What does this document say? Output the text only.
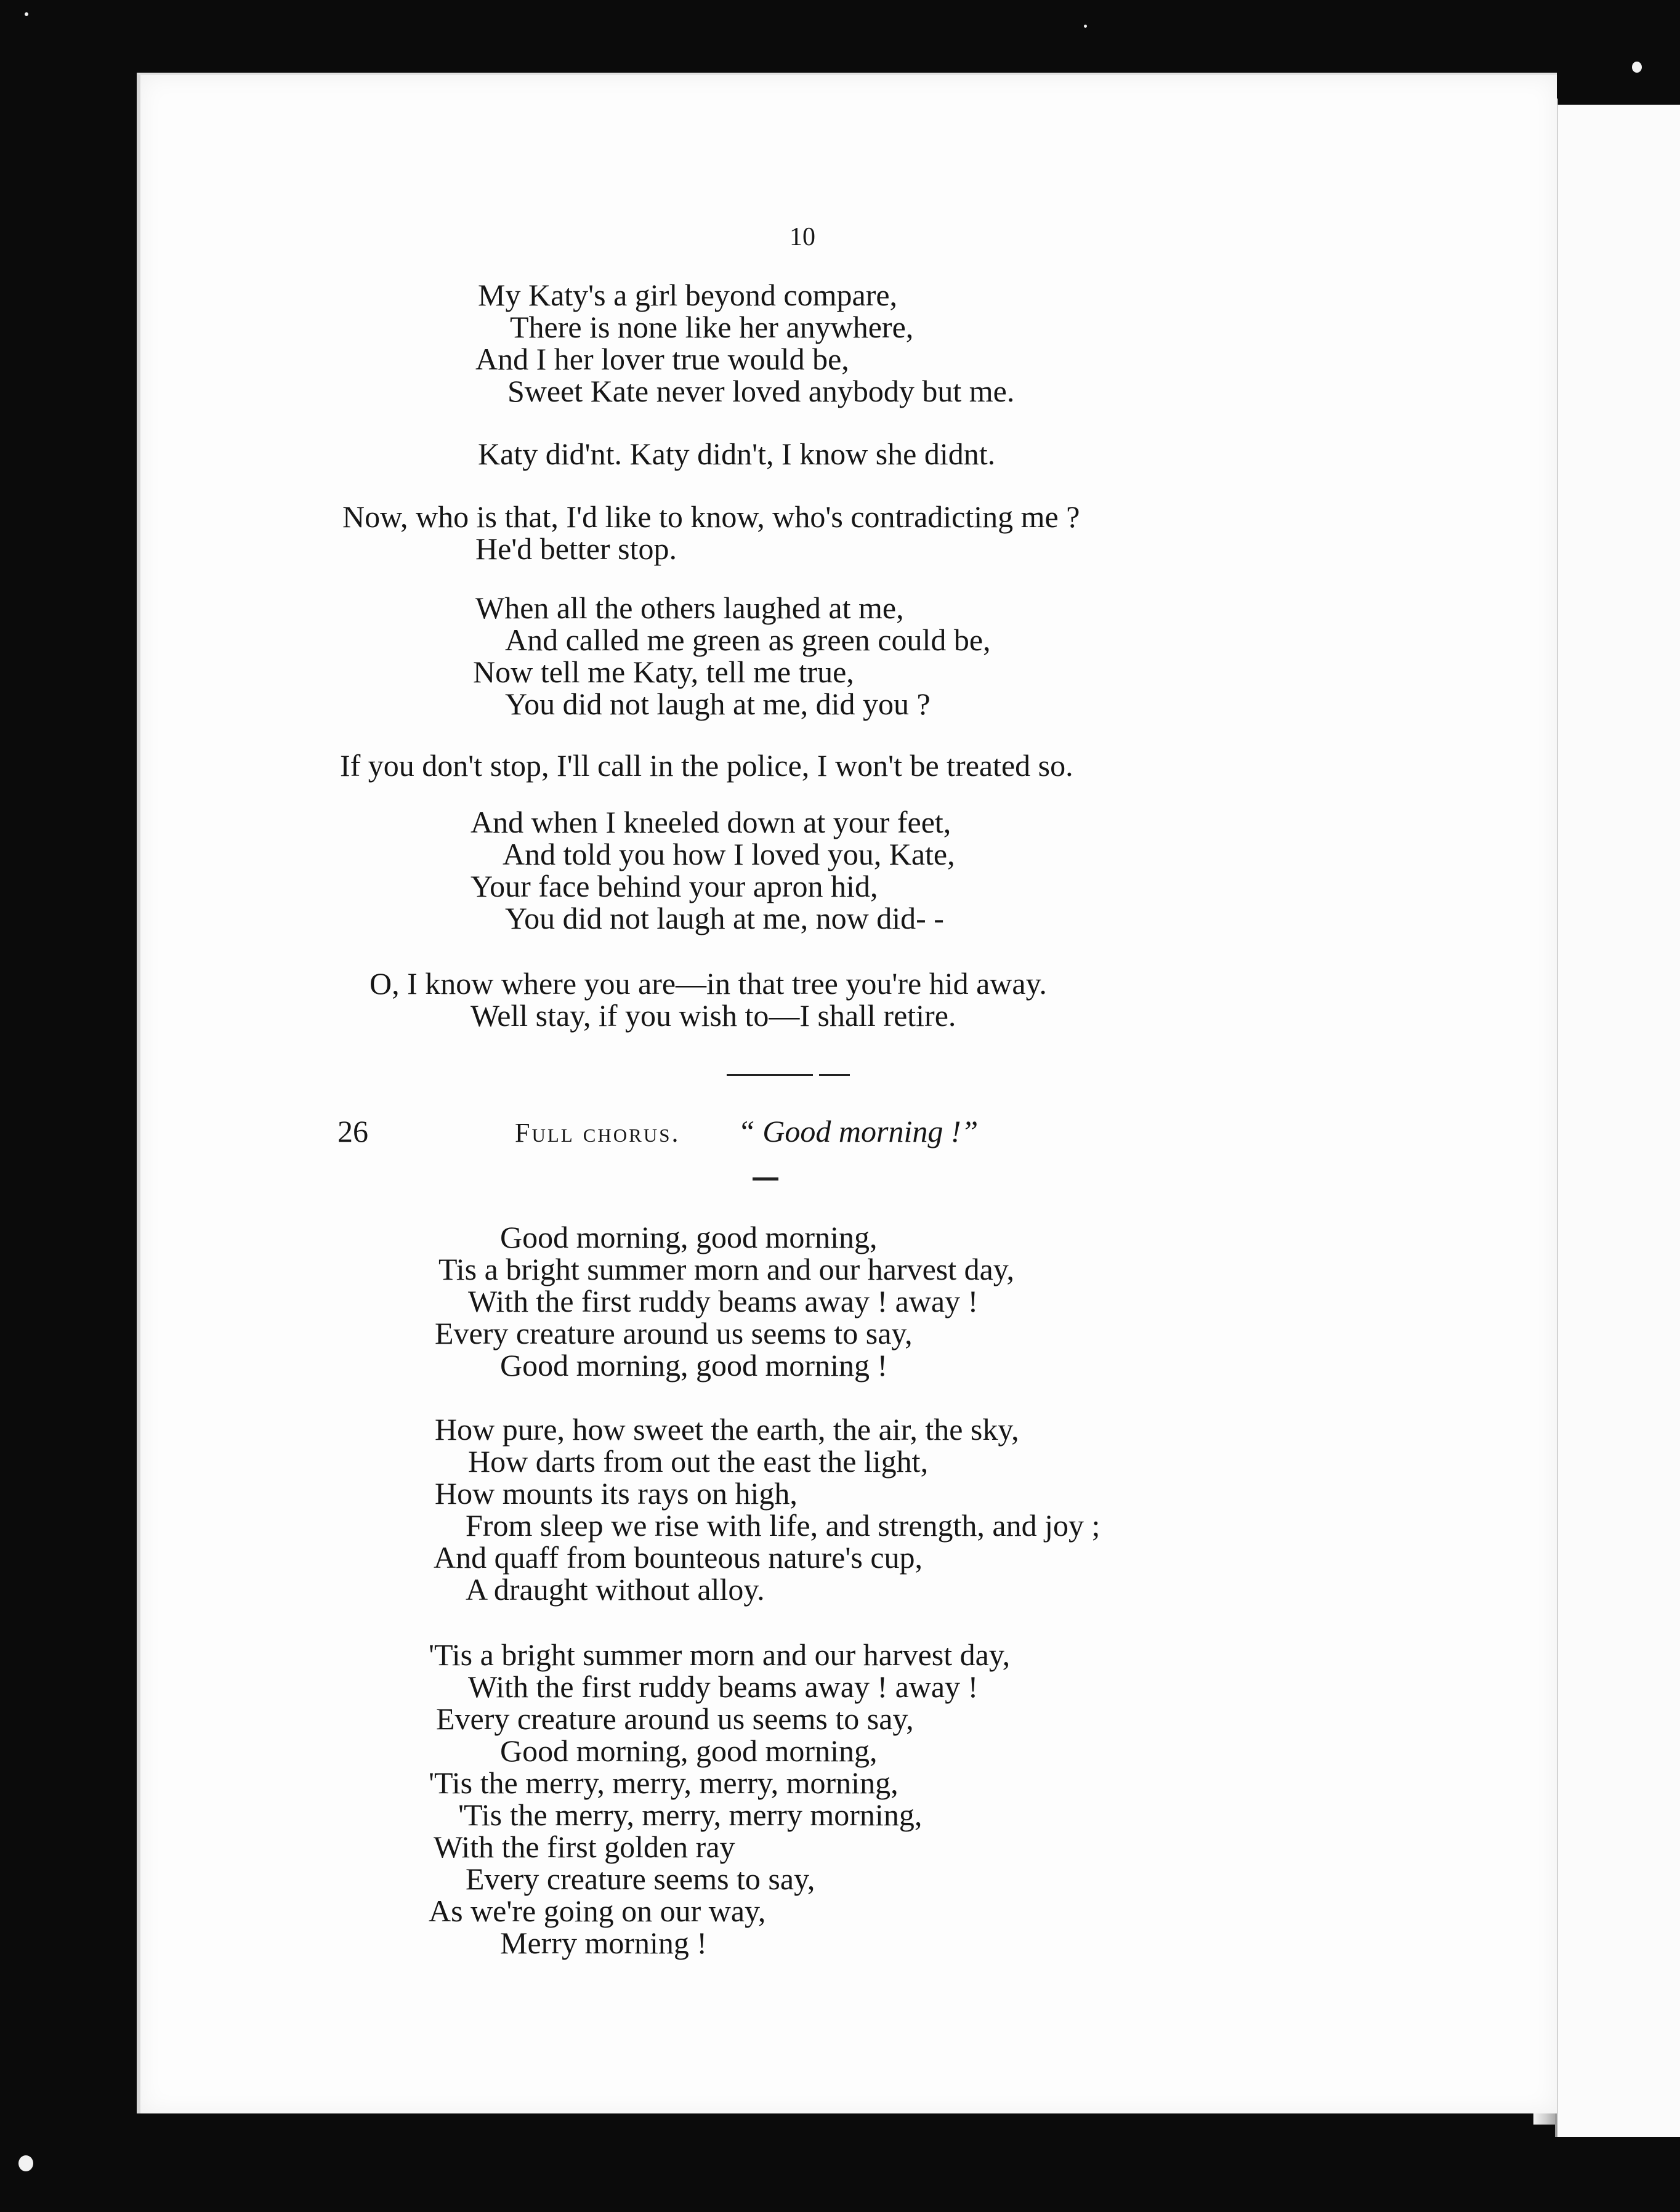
10
My Katy's a girl beyond compare,
There is none like her anywhere,
And I her lover true would be,
Sweet Kate never loved anybody but me.
Katy did'nt. Katy didn't, I know she didnt.
Now, who is that, I'd like to know, who's contradicting me ?
He'd better stop.
When all the others laughed at me,
And called me green as green could be,
Now tell me Katy, tell me true,
You did not laugh at me, did you ?
If you don't stop, I'll call in the police, I won't be treated so.
And when I kneeled down at your feet,
And told you how I loved you, Kate,
Your face behind your apron hid,
You did not laugh at me, now did- -
O, I know where you are—in that tree you're hid away.
Well stay, if you wish to—I shall retire.
26	Full chorus. “ Good morning !”
Good morning, good morning,
Tis a bright summer morn and our harvest day,
With the first ruddy beams away ! away !
Every creature around us seems to say,
Good morning, good morning !
How pure, how sweet the earth, the air, the sky,
How darts from out the east the light,
How mounts its rays on high,
From sleep we rise with life, and strength, and joy ;
And quaff from bounteous nature's cup,
A draught without alloy.
'Tis a bright summer morn and our harvest day,
With the first ruddy beams away ! away !
Every creature around us seems to say,
Good morning, good morning,
'Tis the merry, merry, merry, morning,
'Tis the merry, merry, merry morning,
With the first golden ray
Every creature seems to say,
As we're going on our way,
Merry morning !
